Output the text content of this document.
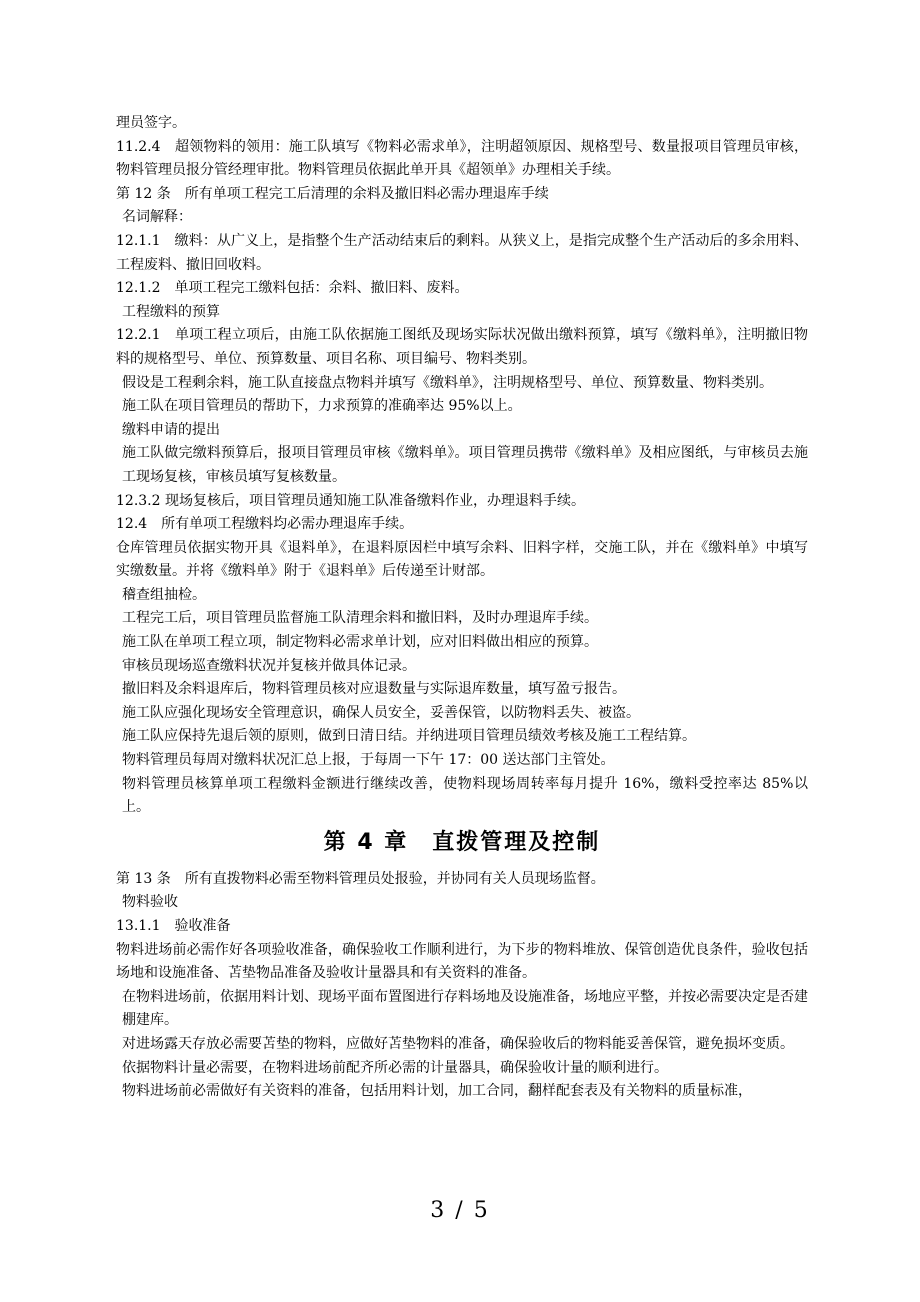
理员签字。

11.2.4　超领物料的领用：施工队填写《物料必需求单》，注明超领原因、规格型号、数量报项目管理员审核，物料管理员报分管经理审批。物料管理员依据此单开具《超领单》办理相关手续。

第 12 条　所有单项工程完工后清理的余料及撤旧料必需办理退库手续

名词解释：

12.1.1　缴料：从广义上，是指整个生产活动结束后的剩料。从狭义上，是指完成整个生产活动后的多余用料、工程废料、撤旧回收料。

12.1.2　单项工程完工缴料包括：余料、撤旧料、废料。

工程缴料的预算

12.2.1　单项工程立项后，由施工队依据施工图纸及现场实际状况做出缴料预算，填写《缴料单》，注明撤旧物料的规格型号、单位、预算数量、项目名称、项目编号、物料类别。

假设是工程剩余料，施工队直接盘点物料并填写《缴料单》，注明规格型号、单位、预算数量、物料类别。

施工队在项目管理员的帮助下，力求预算的准确率达 95%以上。

缴料申请的提出

施工队做完缴料预算后，报项目管理员审核《缴料单》。项目管理员携带《缴料单》及相应图纸，与审核员去施工现场复核，审核员填写复核数量。

12.3.2 现场复核后，项目管理员通知施工队准备缴料作业，办理退料手续。

12.4　所有单项工程缴料均必需办理退库手续。

仓库管理员依据实物开具《退料单》，在退料原因栏中填写余料、旧料字样，交施工队，并在《缴料单》中填写实缴数量。并将《缴料单》附于《退料单》后传递至计财部。

稽查组抽检。

工程完工后，项目管理员监督施工队清理余料和撤旧料，及时办理退库手续。

施工队在单项工程立项，制定物料必需求单计划，应对旧料做出相应的预算。

审核员现场巡查缴料状况并复核并做具体记录。

撤旧料及余料退库后，物料管理员核对应退数量与实际退库数量，填写盈亏报告。

施工队应强化现场安全管理意识，确保人员安全，妥善保管，以防物料丢失、被盗。

施工队应保持先退后领的原则，做到日清日结。并纳进项目管理员绩效考核及施工工程结算。

物料管理员每周对缴料状况汇总上报，于每周一下午 17：00 送达部门主管处。

物料管理员核算单项工程缴料金额进行继续改善，使物料现场周转率每月提升 16%，缴料受控率达 85%以上。

第 4 章　直拨管理及控制

第 13 条　所有直拨物料必需至物料管理员处报验，并协同有关人员现场监督。

物料验收

13.1.1　验收准备

物料进场前必需作好各项验收准备，确保验收工作顺利进行，为下步的物料堆放、保管创造优良条件，验收包括场地和设施准备、苫垫物品准备及验收计量器具和有关资料的准备。

在物料进场前，依据用料计划、现场平面布置图进行存料场地及设施准备，场地应平整，并按必需要决定是否建棚建库。

对进场露天存放必需要苫垫的物料，应做好苫垫物料的准备，确保验收后的物料能妥善保管，避免损坏变质。

依据物料计量必需要，在物料进场前配齐所必需的计量器具，确保验收计量的顺利进行。

物料进场前必需做好有关资料的准备，包括用料计划，加工合同，翻样配套表及有关物料的质量标准，

3 / 5
